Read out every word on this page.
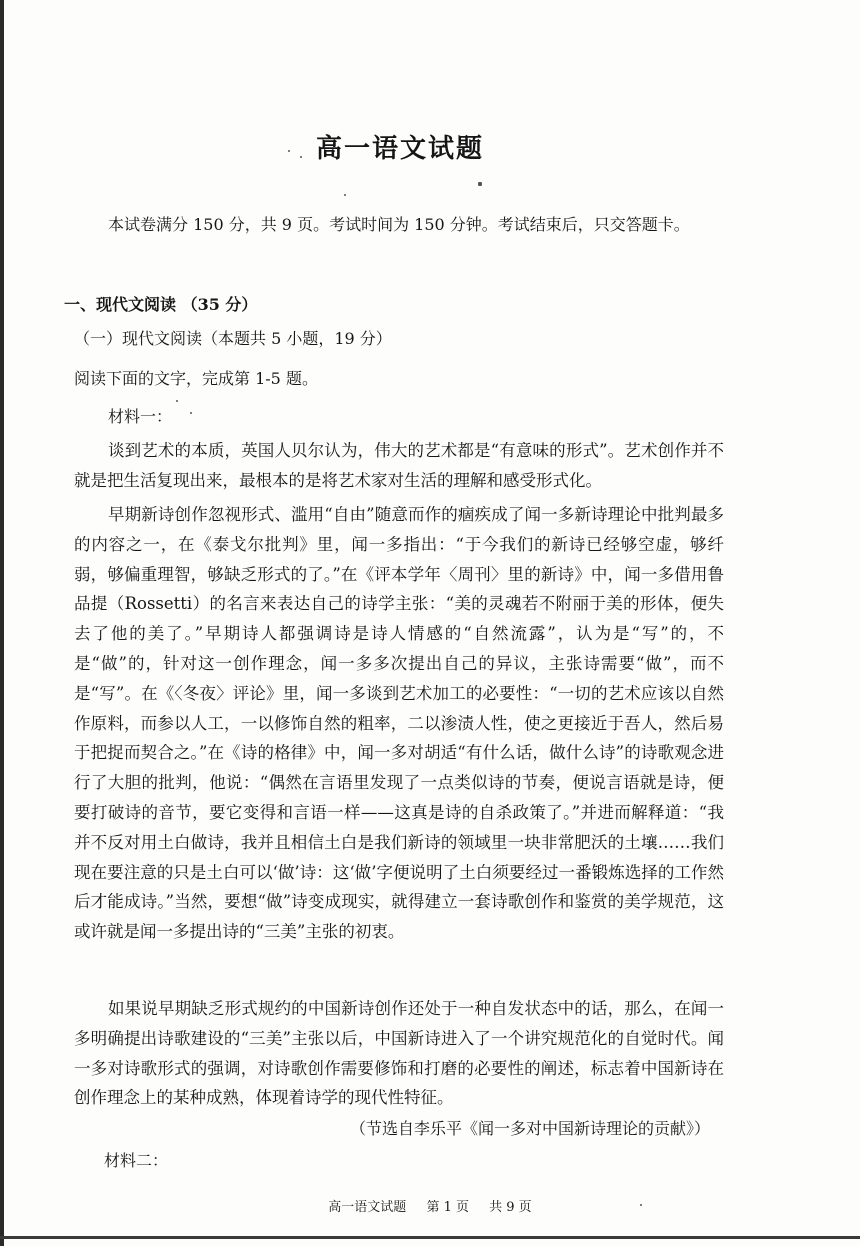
高一语文试题
本试卷满分 150 分，共 9 页。考试时间为 150 分钟。考试结束后，只交答题卡。
一、现代文阅读 （35 分）
（一）现代文阅读（本题共 5 小题，19 分）
阅读下面的文字，完成第 1-5 题。
材料一：

谈到艺术的本质，英国人贝尔认为，伟大的艺术都是“有意味的形式”。艺术创作并不就是把生活复现出来，最根本的是将艺术家对生活的理解和感受形式化。

早期新诗创作忽视形式、滥用“自由”随意而作的痼疾成了闻一多新诗理论中批判最多的内容之一，在《泰戈尔批判》里，闻一多指出：“于今我们的新诗已经够空虚，够纤弱，够偏重理智，够缺乏形式的了。”在《评本学年〈周刊〉里的新诗》中，闻一多借用鲁品提（Rossetti）的名言来表达自己的诗学主张：“美的灵魂若不附丽于美的形体，便失去了他的美了。”早期诗人都强调诗是诗人情感的“自然流露”，认为是“写”的，不是“做”的，针对这一创作理念，闻一多多次提出自己的异议，主张诗需要“做”，而不是“写”。在《〈冬夜〉评论》里，闻一多谈到艺术加工的必要性：“一切的艺术应该以自然作原料，而参以人工，一以修饰自然的粗率，二以渗渍人性，使之更接近于吾人，然后易于把捉而契合之。”在《诗的格律》中，闻一多对胡适“有什么话，做什么诗”的诗歌观念进行了大胆的批判，他说：“偶然在言语里发现了一点类似诗的节奏，便说言语就是诗，便要打破诗的音节，要它变得和言语一样——这真是诗的自杀政策了。”并进而解释道：“我并不反对用土白做诗，我并且相信土白是我们新诗的领域里一块非常肥沃的土壤……我们现在要注意的只是土白可以‘做’诗：这‘做’字便说明了土白须要经过一番锻炼选择的工作然后才能成诗。”当然，要想“做”诗变成现实，就得建立一套诗歌创作和鉴赏的美学规范，这或许就是闻一多提出诗的“三美”主张的初衷。

如果说早期缺乏形式规约的中国新诗创作还处于一种自发状态中的话，那么，在闻一多明确提出诗歌建设的“三美”主张以后，中国新诗进入了一个讲究规范化的自觉时代。闻一多对诗歌形式的强调，对诗歌创作需要修饰和打磨的必要性的阐述，标志着中国新诗在创作理念上的某种成熟，体现着诗学的现代性特征。

（节选自李乐平《闻一多对中国新诗理论的贡献》）
材料二：
高一语文试题 第 1 页 共 9 页
